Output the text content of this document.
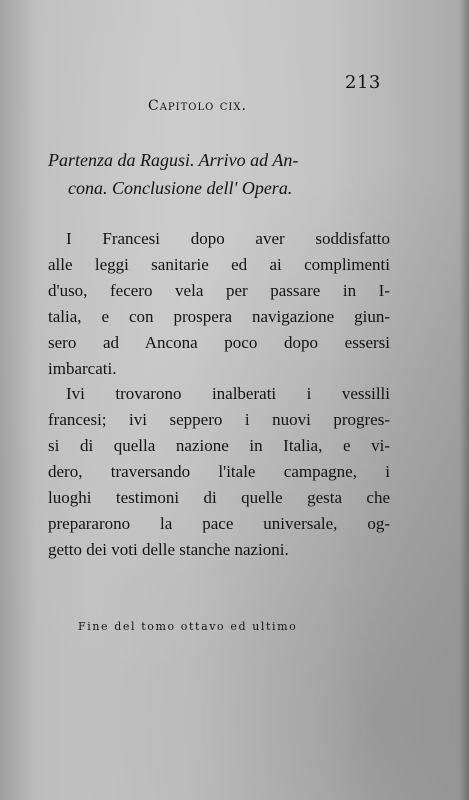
213
Capitolo cix.
Partenza da Ragusi. Arrivo ad An-
cona. Conclusione dell' Opera.
I Francesi dopo aver soddisfatto
alle leggi sanitarie ed ai complimenti
d'uso, fecero vela per passare in I-
talia, e con prospera navigazione giun-
sero ad Ancona poco dopo essersi
imbarcati.
Ivi trovarono inalberati i vessilli
francesi; ivi seppero i nuovi progres-
si di quella nazione in Italia, e vi-
dero, traversando l'itale campagne, i
luoghi testimoni di quelle gesta che
prepararono la pace universale, og-
getto dei voti delle stanche nazioni.
Fine del tomo ottavo ed ultimo
